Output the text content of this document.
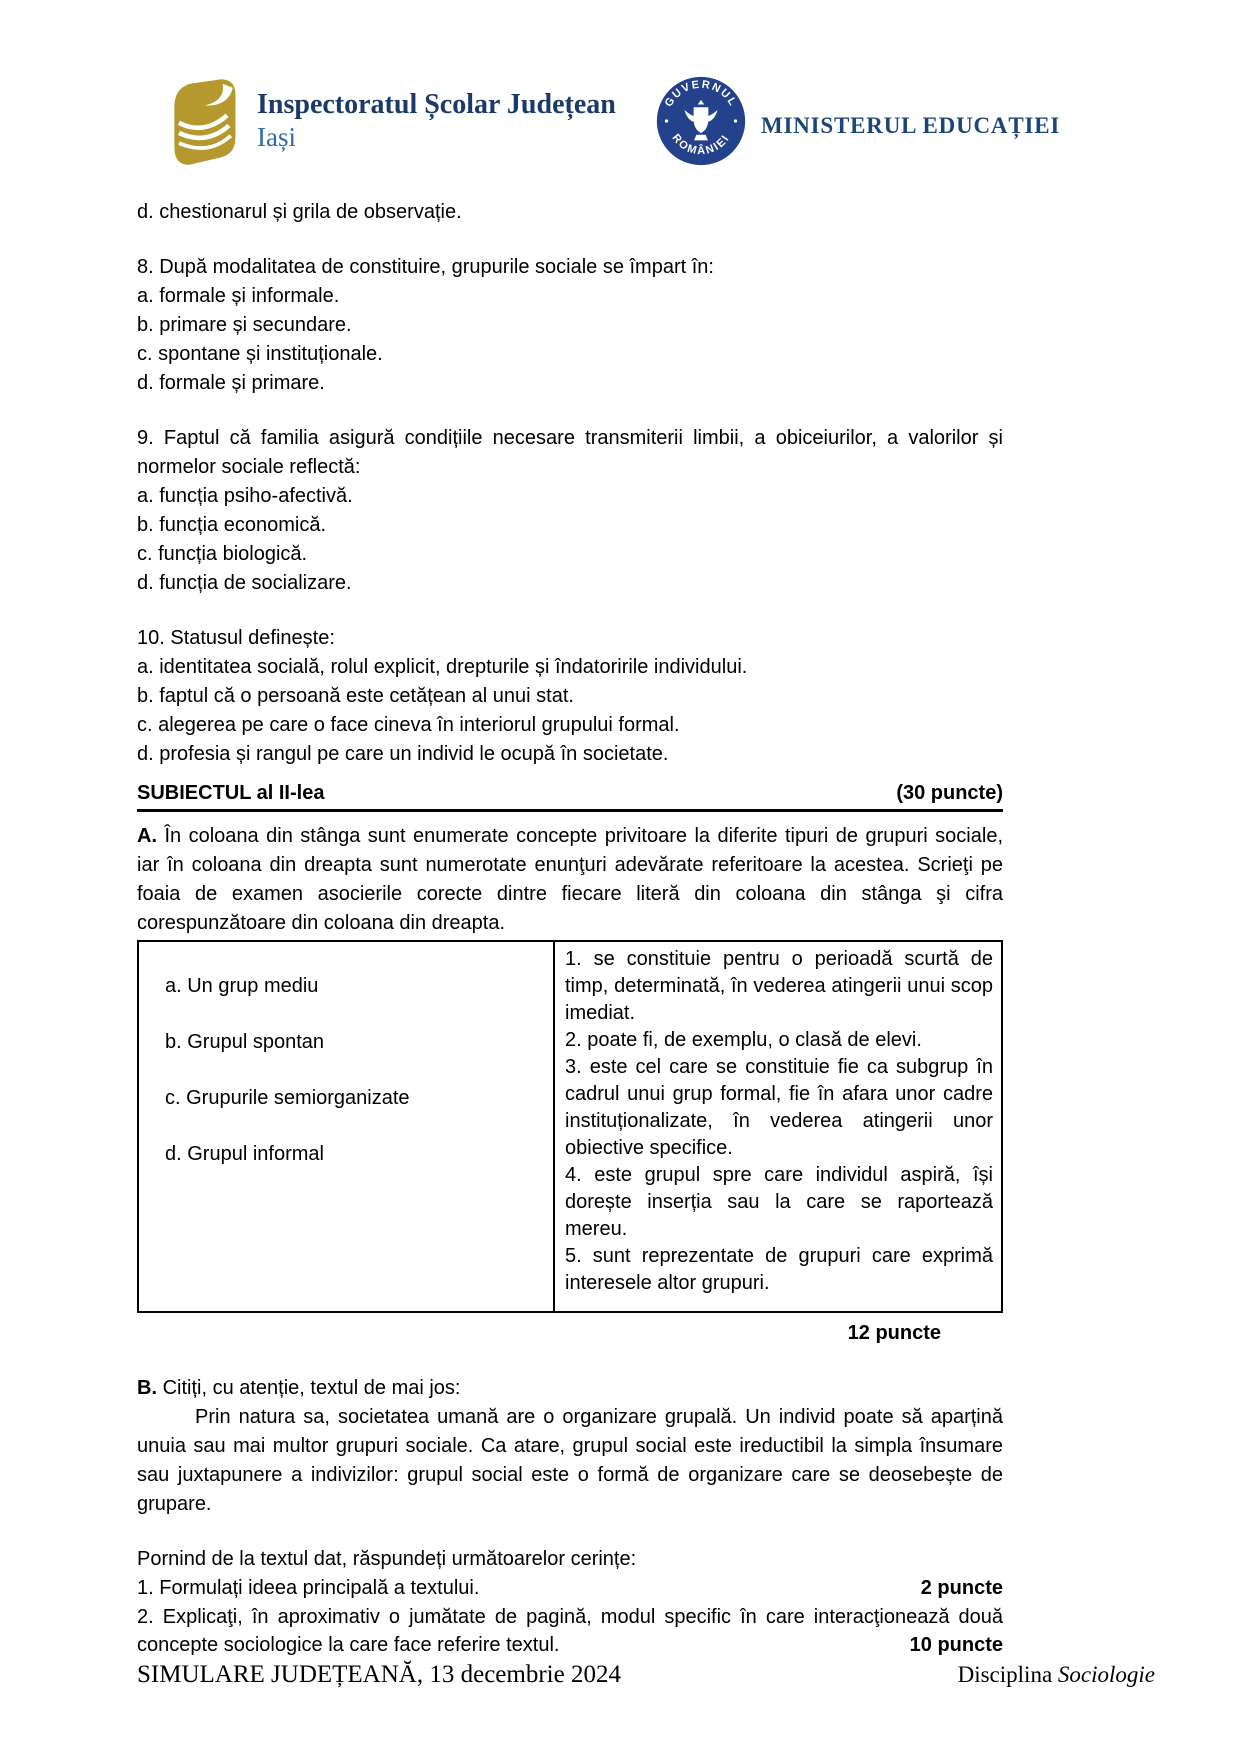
Inspectoratul Școlar Județean
Iași
GUVERNUL
ROMÂNIEI MINISTERUL EDUCAȚIEI

d. chestionarul și grila de observație.

8. După modalitatea de constituire, grupurile sociale se împart în:

a. formale și informale.

b. primare și secundare.

c. spontane și instituționale.

d. formale și primare.

9. Faptul că familia asigură condițiile necesare transmiterii limbii, a obiceiurilor, a valorilor și normelor sociale reflectă:

a. funcția psiho-afectivă.

b. funcția economică.

c. funcția biologică.

d. funcția de socializare.

10. Statusul definește:

a. identitatea socială, rolul explicit, drepturile și îndatoririle individului.

b. faptul că o persoană este cetățean al unui stat.

c. alegerea pe care o face cineva în interiorul grupului formal.

d. profesia și rangul pe care un individ le ocupă în societate.

SUBIECTUL al II-lea	(30 puncte)

A. În coloana din stânga sunt enumerate concepte privitoare la diferite tipuri de grupuri sociale, iar în coloana din dreapta sunt numerotate enunţuri adevărate referitoare la acestea. Scrieţi pe foaia de examen asocierile corecte dintre fiecare literă din coloana din stânga şi cifra corespunzătoare din coloana din dreapta.

a. Un grup mediu
b. Grupul spontan
c. Grupurile semiorganizate
d. Grupul informal

1. se constituie pentru o perioadă scurtă de timp, determinată, în vederea atingerii unui scop imediat.

2. poate fi, de exemplu, o clasă de elevi.

3. este cel care se constituie fie ca subgrup în cadrul unui grup formal, fie în afara unor cadre instituționalizate, în vederea atingerii unor obiective specifice.

4. este grupul spre care individul aspiră, își dorește inserția sau la care se raportează mereu.

5. sunt reprezentate de grupuri care exprimă interesele altor grupuri.

12 puncte

B. Citiți, cu atenție, textul de mai jos:

Prin natura sa, societatea umană are o organizare grupală. Un individ poate să aparțină unuia sau mai multor grupuri sociale. Ca atare, grupul social este ireductibil la simpla însumare sau juxtapunere a indivizilor: grupul social este o formă de organizare care se deosebește de grupare.

Pornind de la textul dat, răspundeți următoarelor cerințe:

1. Formulați ideea principală a textului.	2 puncte
2. Explicaţi, în aproximativ o jumătate de pagină, modul specific în care interacţionează două concepte sociologice la care face referire textul.	10 puncte
SIMULARE JUDEȚEANĂ, 13 decembrie 2024	Disciplina Sociologie
